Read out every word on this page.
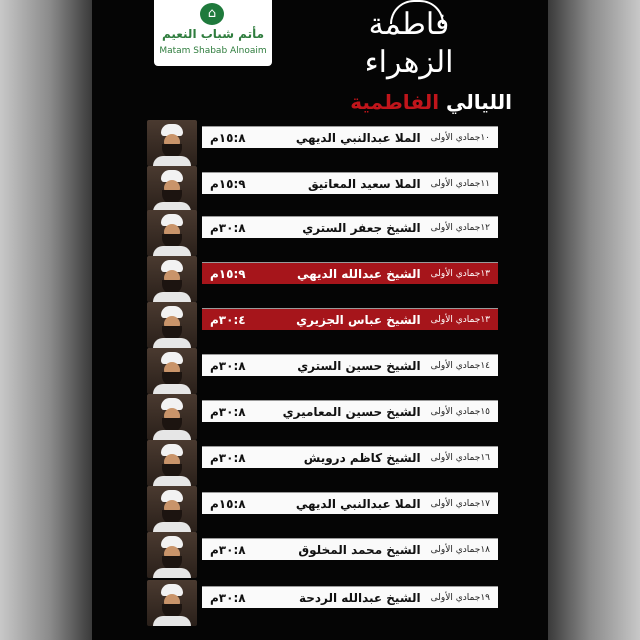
⌂
مأتم شباب النعيم
Matam Shabab Alnoaim
فاطمة الزهراء
الليالي الفاطمية
١٠جمادي الأولى
الملا عبدالنبي الديهي
١٥:٨م
١١جمادي الأولى
الملا سعيد المعاتيق
١٥:٩م
١٢جمادي الأولى
الشيخ جعفر الستري
٣٠:٨م
١٣جمادي الأولى
الشيخ عبدالله الديهي
١٥:٩م
١٣جمادي الأولى
الشيخ عباس الجزيري
٣٠:٤م
١٤جمادي الأولى
الشيخ حسين الستري
٣٠:٨م
١٥جمادي الأولى
الشيخ حسين المعاميري
٣٠:٨م
١٦جمادي الأولى
الشيخ كاظم درويش
٣٠:٨م
١٧جمادي الأولى
الملا عبدالنبي الديهي
١٥:٨م
١٨جمادي الأولى
الشيخ محمد المخلوق
٣٠:٨م
١٩جمادي الأولى
الشيخ عبدالله الردحة
٣٠:٨م
